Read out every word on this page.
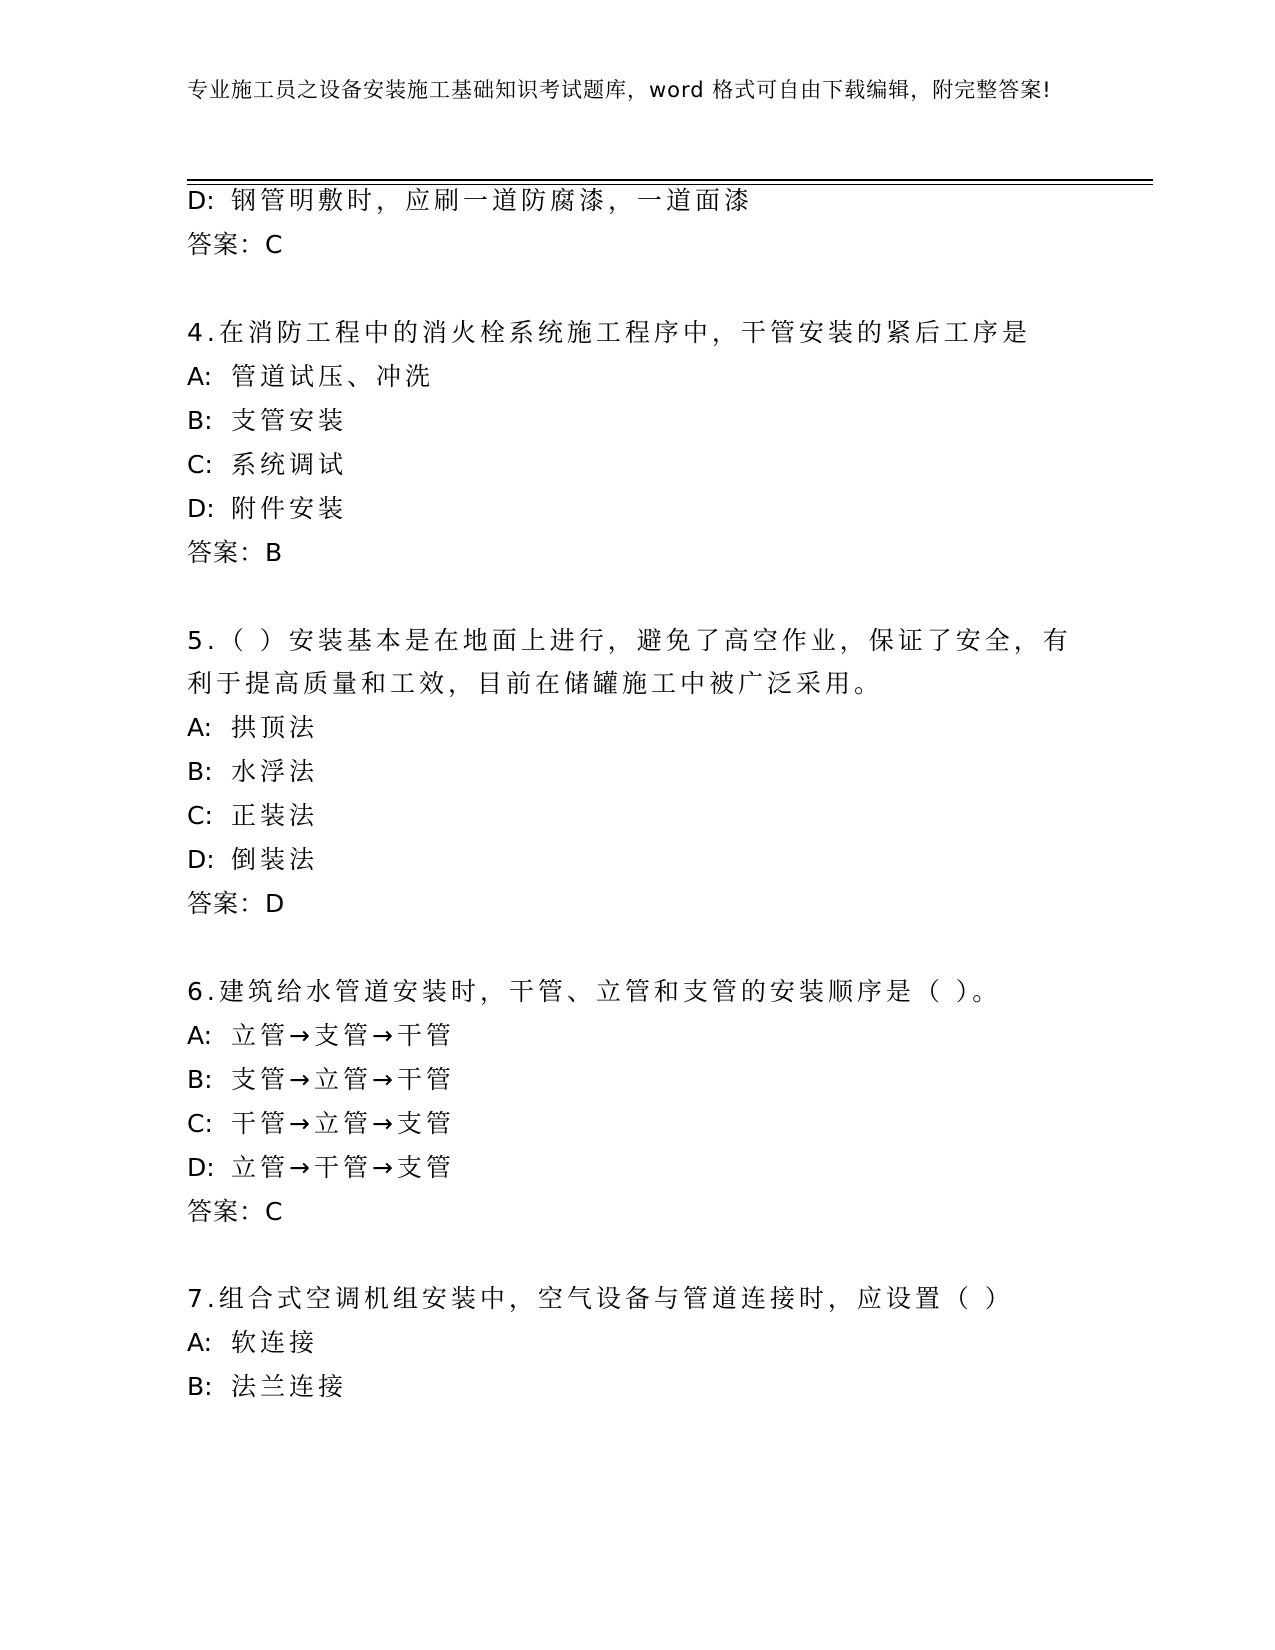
专业施工员之设备安装施工基础知识考试题库，word 格式可自由下载编辑，附完整答案!
D: 钢管明敷时，应刷一道防腐漆，一道面漆
答案：C
4.在消防工程中的消火栓系统施工程序中，干管安装的紧后工序是
A: 管道试压、冲洗
B: 支管安装
C: 系统调试
D: 附件安装
答案：B
5.（ ）安装基本是在地面上进行，避免了高空作业，保证了安全，有
利于提高质量和工效，目前在储罐施工中被广泛采用。
A: 拱顶法
B: 水浮法
C: 正装法
D: 倒装法
答案：D
6.建筑给水管道安装时，干管、立管和支管的安装顺序是（ ）。
A: 立管→支管→干管
B: 支管→立管→干管
C: 干管→立管→支管
D: 立管→干管→支管
答案：C
7.组合式空调机组安装中，空气设备与管道连接时，应设置（ ）
A: 软连接
B: 法兰连接
